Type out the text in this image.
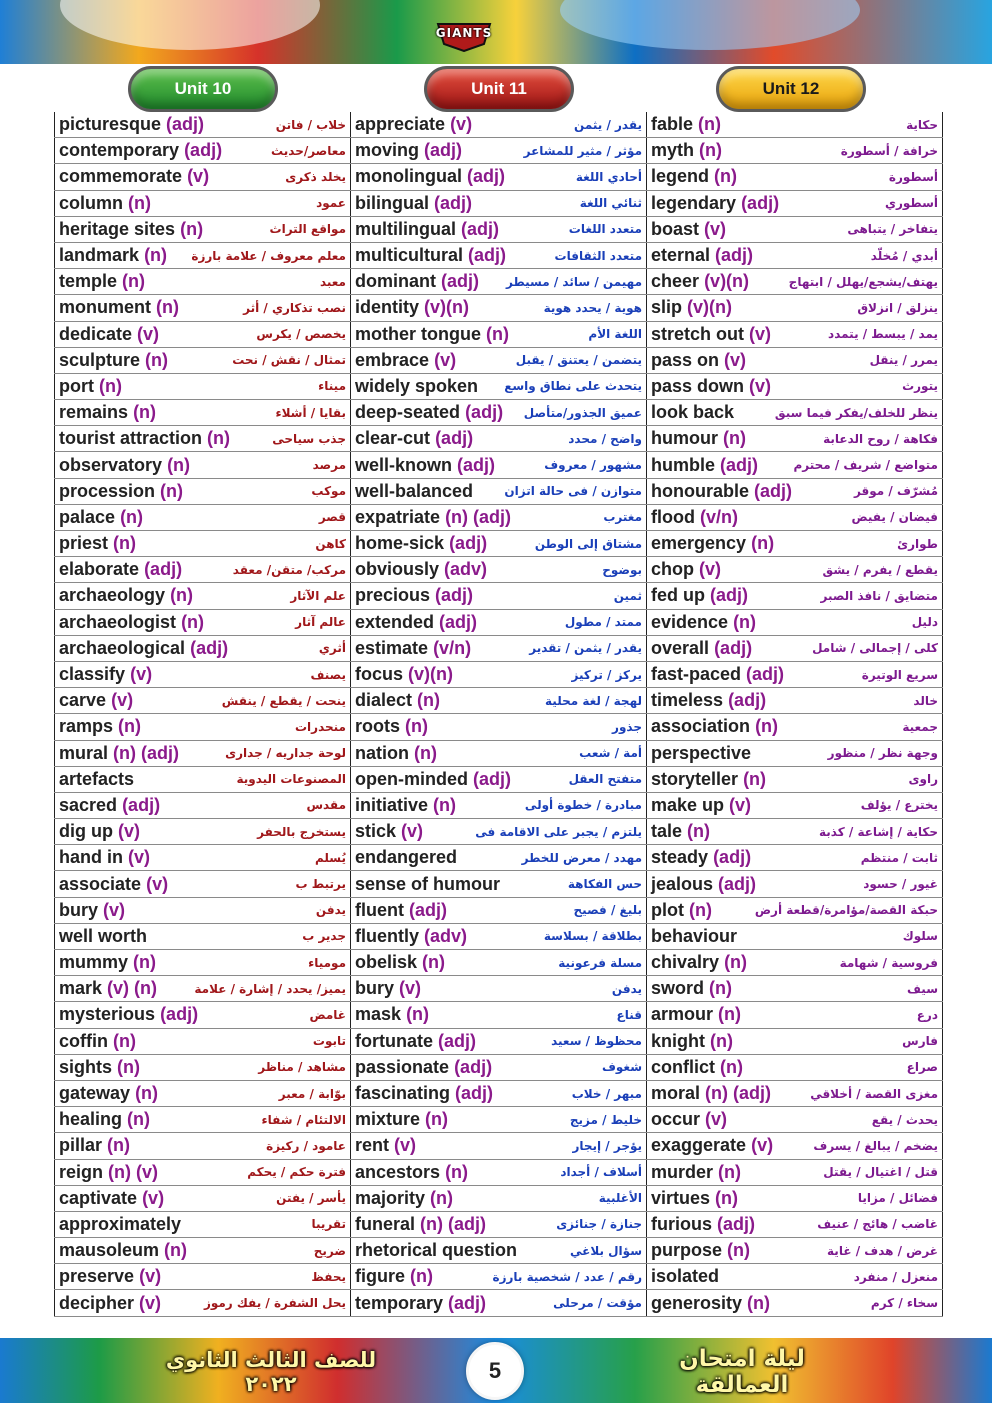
GIANTS
Unit 10	Unit 11	Unit 12
picturesque (adj) خلاب / فاتن	appreciate (v) يقدر / يثمن	fable (n) حكاية

contemporary (adj) معاصر/حديث	moving (adj) مؤثر / مثير للمشاعر	myth (n) خرافة / أسطورة

commemorate (v) يخلد ذكرى	monolingual (adj) أحادي اللغة	legend (n) أسطورة

column (n) عمود	bilingual (adj) ثنائي اللغة	legendary (adj) أسطوري

heritage sites (n) مواقع التراث	multilingual (adj) متعدد اللغات	boast (v) يتفاخر / يتباهى

landmark (n) معلم معروف / علامة بارزة	multicultural (adj) متعدد الثقافات	eternal (adj) أبدي / مُخلّد

temple (n) معبد	dominant (adj) مهيمن / سائد / مسيطر	cheer (v)(n) يهتف/يشجع/يهلل / ابتهاج

monument (n) نصب تذكاري / أثر	identity (v)(n) هوية / يحدد هوية	slip (v)(n) ينزلق / انزلاق

dedicate (v) يخصص / يكرس	mother tongue (n) اللغة الأم	stretch out (v) يمد / يبسط / يتمدد

sculpture (n) تمثال / نقش / نحت	embrace (v) يتضمن / يعتنق / يقبل	pass on (v) يمرر / ينقل

port (n) ميناء	widely spoken يتحدث على نطاق واسع	pass down (v) يتورث

remains (n) بقايا / أشلاء	deep-seated (adj) عميق الجذور/متأصل	look back ينظر للخلف/يفكر فيما سبق

tourist attraction (n) جذب سياحى	clear-cut (adj) واضح / محدد	humour (n) فكاهة / روح الدعابة

observatory (n) مرصد	well-known (adj) مشهور / معروف	humble (adj) متواضع / شريف / محترم

procession (n) موكب	well-balanced متوازن / فى حالة اتزان	honourable (adj) مُشرّف / موقر

palace (n) قصر	expatriate (n) (adj) مغترب	flood (v/n) فيضان / يفيض

priest (n) كاهن	home-sick (adj) مشتاق إلى الوطن	emergency (n) طوارئ

elaborate (adj) مركب/ متقن/ معقد	obviously (adv) بوضوح	chop (v) يقطع / يفرم / يشق

archaeology (n) علم الآثار	precious (adj) ثمين	fed up (adj) متضايق / نافذ الصبر

archaeologist (n) عالم آثار	extended (adj) ممتد / مطول	evidence (n) دليل

archaeological (adj) أثري	estimate (v/n) يقدر / يثمن / تقدير	overall (adj) كلى / إجمالى / شامل

classify (v) يصنف	focus (v)(n) يركز / تركيز	fast-paced (adj) سريع الوتيرة

carve (v) ينحت / يقطع / ينقش	dialect (n) لهجة / لغة محلية	timeless (adj) خالد

ramps (n) منحدرات	roots (n) جذور	association (n) جمعية

mural (n) (adj) لوحة جداريه / جدارى	nation (n) أمة / شعب	perspective وجهة نظر / منظور

artefacts المصنوعات اليدوية	open-minded (adj) متفتح العقل	storyteller (n) راوى

sacred (adj) مقدس	initiative (n) مبادرة / خطوة أولى	make up (v) يخترع / يؤلف

dig up (v) يستخرج بالحفر	stick (v) يلتزم / يجبر على الاقامة فى	tale (n) حكاية / إشاعة / كذبة

hand in (v) يُسلم	endangered مهدد / معرض للخطر	steady (adj) ثابت / منتظم

associate (v) يرتبط ب	sense of humour حس الفكاهة	jealous (adj) غيور / حسود

bury (v) يدفن	fluent (adj) بليغ / فصيح	plot (n) حبكة القصة/مؤامرة/قطعة أرض

well worth جدير ب	fluently (adv) بطلاقة / بسلاسة	behaviour سلوك

mummy (n) مومياء	obelisk (n) مسلة فرعونية	chivalry (n) فروسية / شهامة

mark (v) (n) يميز/ يحدد / إشارة / علامة	bury (v) يدفن	sword (n) سيف

mysterious (adj) غامض	mask (n) قناع	armour (n) درع

coffin (n) تابوت	fortunate (adj) محظوظ / سعيد	knight (n) فارس

sights (n) مشاهد / مناظر	passionate (adj) شغوف	conflict (n) صراع

gateway (n) بوّابة / معبر	fascinating (adj) مبهر / خلاب	moral (n) (adj) مغزى القصة / أخلاقي

healing (n) الالتئام / شفاء	mixture (n) خليط / مزيج	occur (v) يحدث / يقع

pillar (n) عامود / ركيزة	rent (v) يؤجر / إيجار	exaggerate (v) يضخم / يبالغ / يسرف

reign (n) (v) فترة حكم / يحكم	ancestors (n) أسلاف / أجداد	murder (n) قتل / اغتيال / يقتل

captivate (v) يأسر / يفتن	majority (n) الأغلبية	virtues (n) فضائل / مزايا

approximately تقريبا	funeral (n) (adj) جنازة / جنائزى	furious (adj) غاضب / هائج / عنيف

mausoleum (n) ضريح	rhetorical question سؤال بلاغي	purpose (n) غرض / هدف / غاية

preserve (v) يحفظ	figure (n) رقم / عدد / شخصية بارزة	isolated منعزل / منفرد

decipher (v) يحل الشفرة / يفك رموز	temporary (adj) مؤقت / مرحلى	generosity (n) سخاء / كرم
ليلة امتحان العمالقة
للصف الثالث الثانوي ٢٠٢٢
5
